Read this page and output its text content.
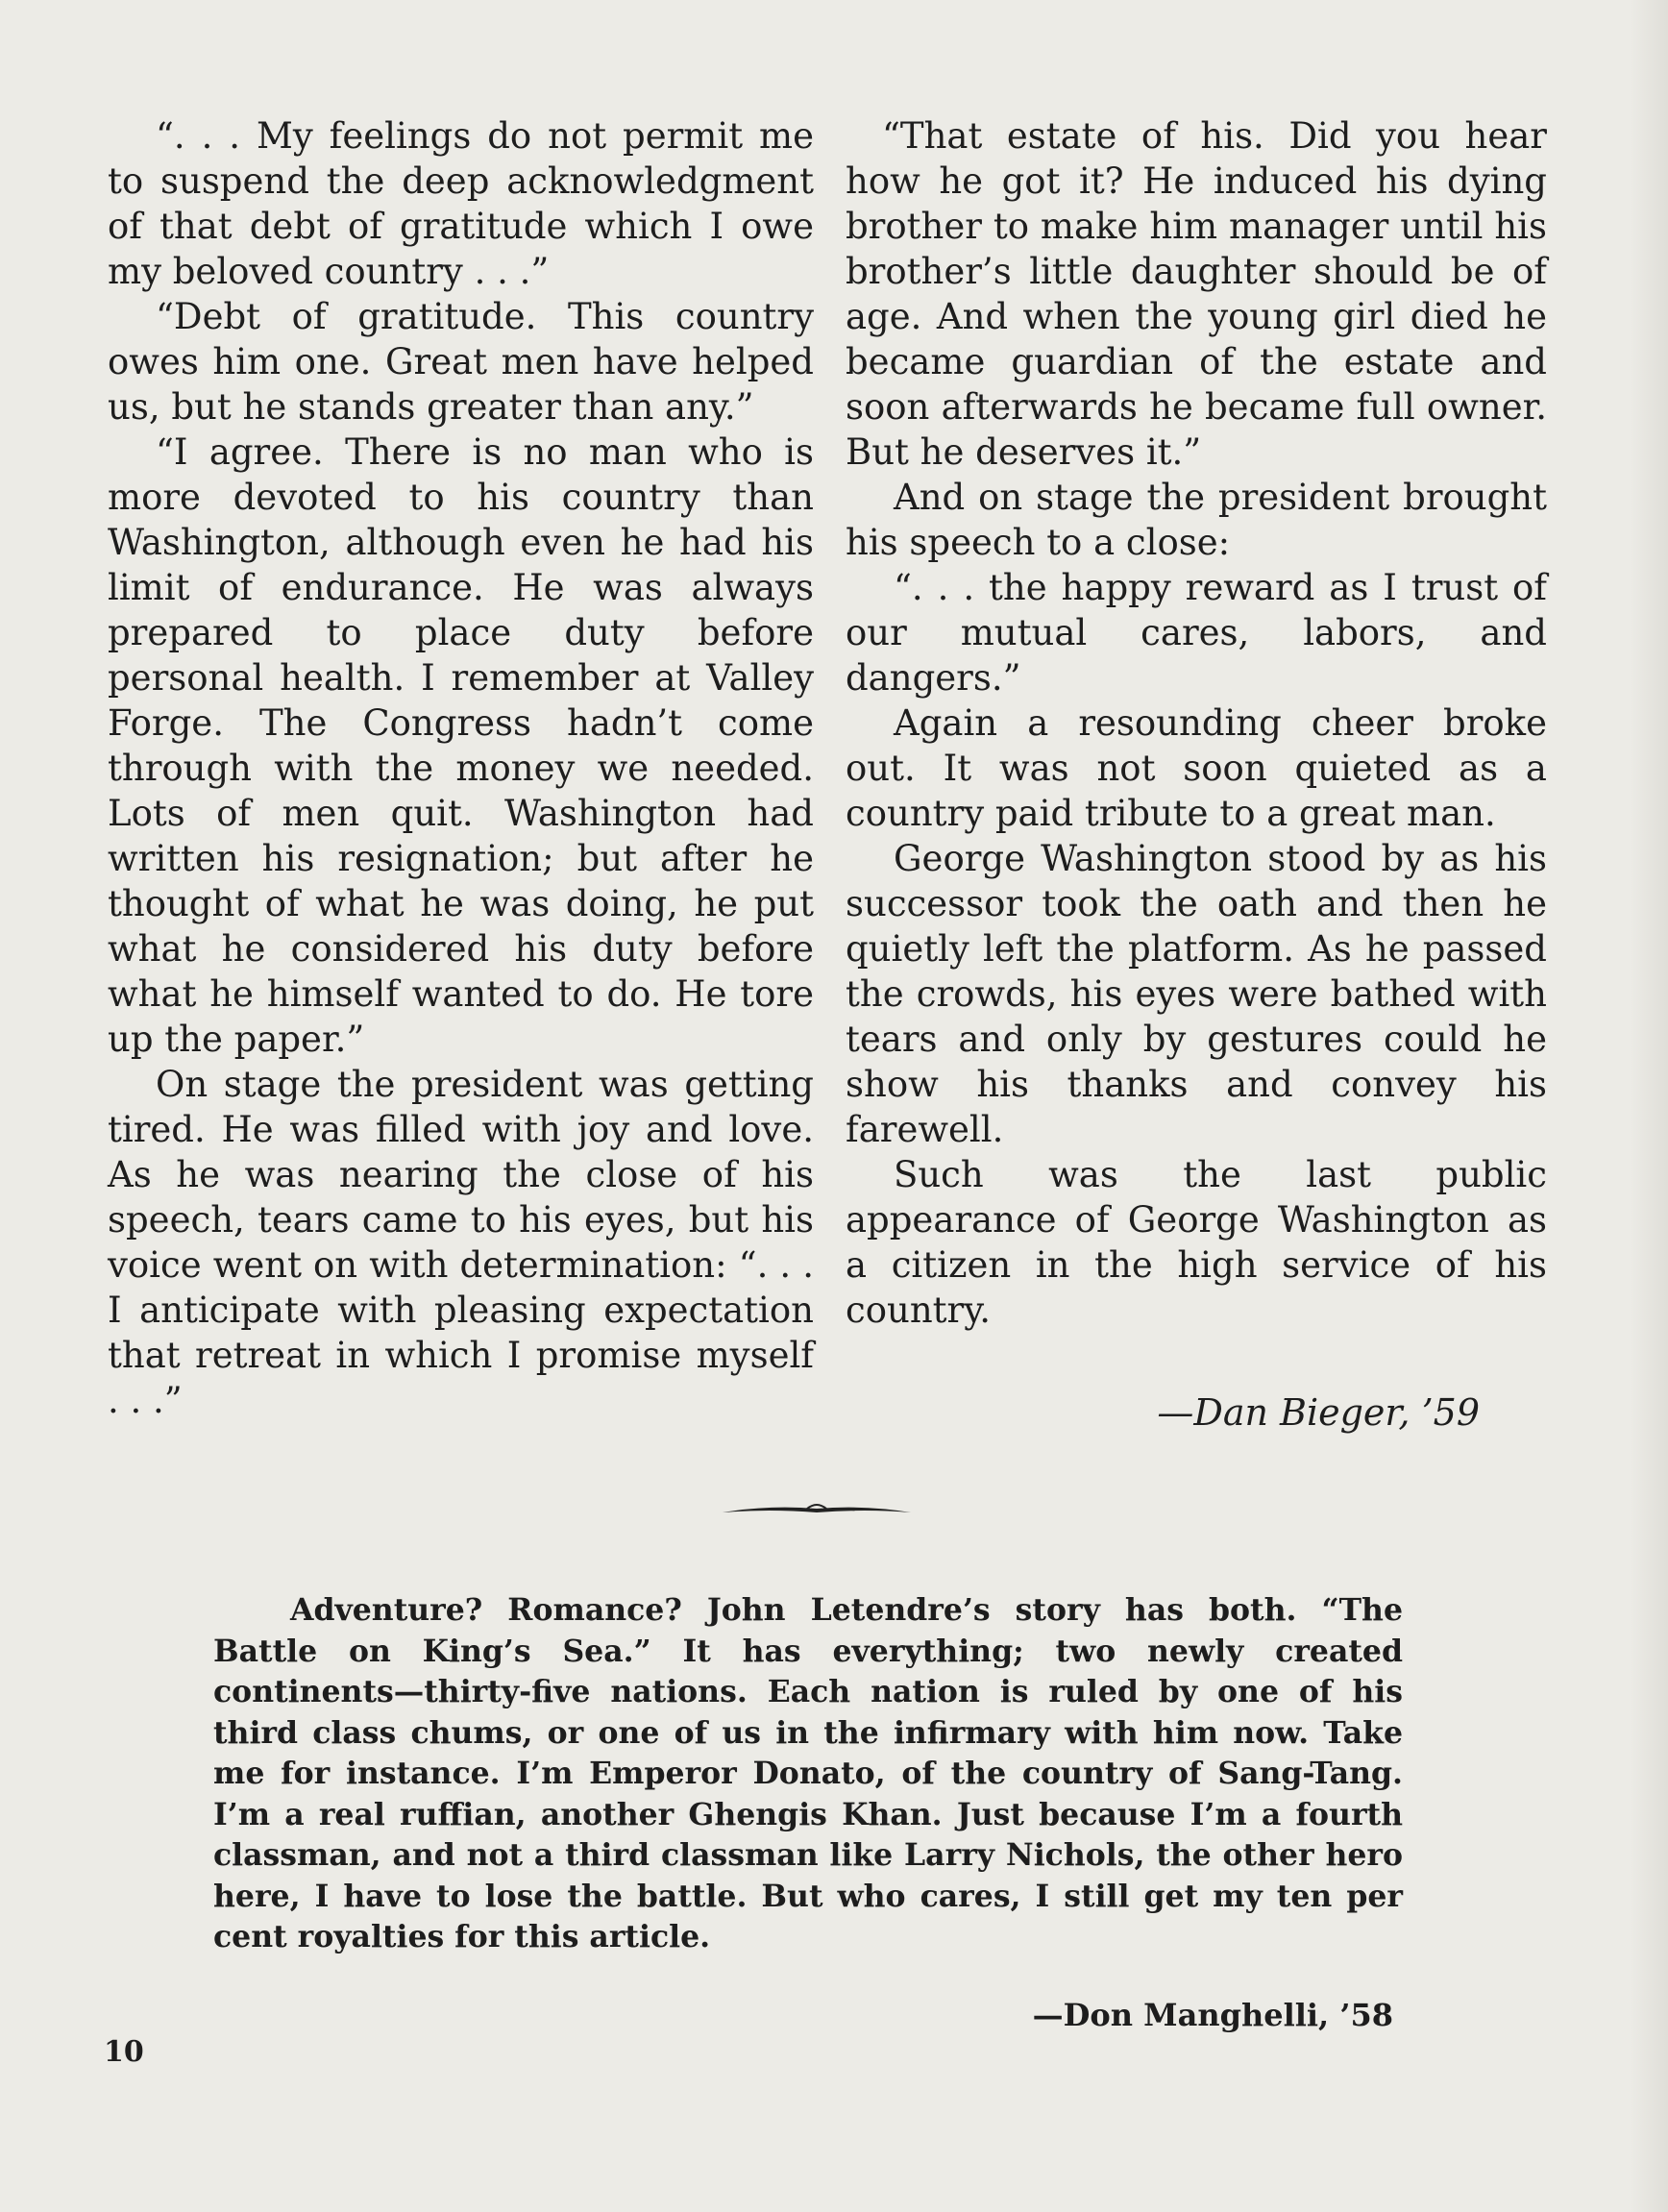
“. . . My feelings do not permit me to suspend the deep acknowledgment of that debt of gratitude which I owe my beloved country . . .”

“Debt of gratitude. This country owes him one. Great men have helped us, but he stands greater than any.”

“I agree. There is no man who is more devoted to his country than Washington, although even he had his limit of endurance. He was always prepared to place duty before personal health. I remember at Valley Forge. The Congress hadn’t come through with the money we needed. Lots of men quit. Washington had written his resignation; but after he thought of what he was doing, he put what he considered his duty before what he himself wanted to do. He tore up the paper.”

On stage the president was getting tired. He was filled with joy and love. As he was nearing the close of his speech, tears came to his eyes, but his voice went on with determination: “. . . I anticipate with pleasing expectation that retreat in which I promise myself . . .”

“That estate of his. Did you hear how he got it? He induced his dying brother to make him manager until his brother’s little daughter should be of age. And when the young girl died he became guardian of the estate and soon afterwards he became full owner. But he deserves it.”

And on stage the president brought his speech to a close:

“. . . the happy reward as I trust of our mutual cares, labors, and dangers.”

Again a resounding cheer broke out. It was not soon quieted as a country paid tribute to a great man.

George Washington stood by as his successor took the oath and then he quietly left the platform. As he passed the crowds, his eyes were bathed with tears and only by gestures could he show his thanks and convey his farewell.

Such was the last public appearance of George Washington as a citizen in the high service of his country.

—Dan Bieger, ’59

Adventure? Romance? John Letendre’s story has both. “The Battle on King’s Sea.” It has everything; two newly created continents—thirty-five nations. Each nation is ruled by one of his third class chums, or one of us in the infirmary with him now. Take me for instance. I’m Emperor Donato, of the country of Sang-Tang. I’m a real ruffian, another Ghengis Khan. Just because I’m a fourth classman, and not a third classman like Larry Nichols, the other hero here, I have to lose the battle. But who cares, I still get my ten per cent royalties for this article.

—Don Manghelli, ’58
10
